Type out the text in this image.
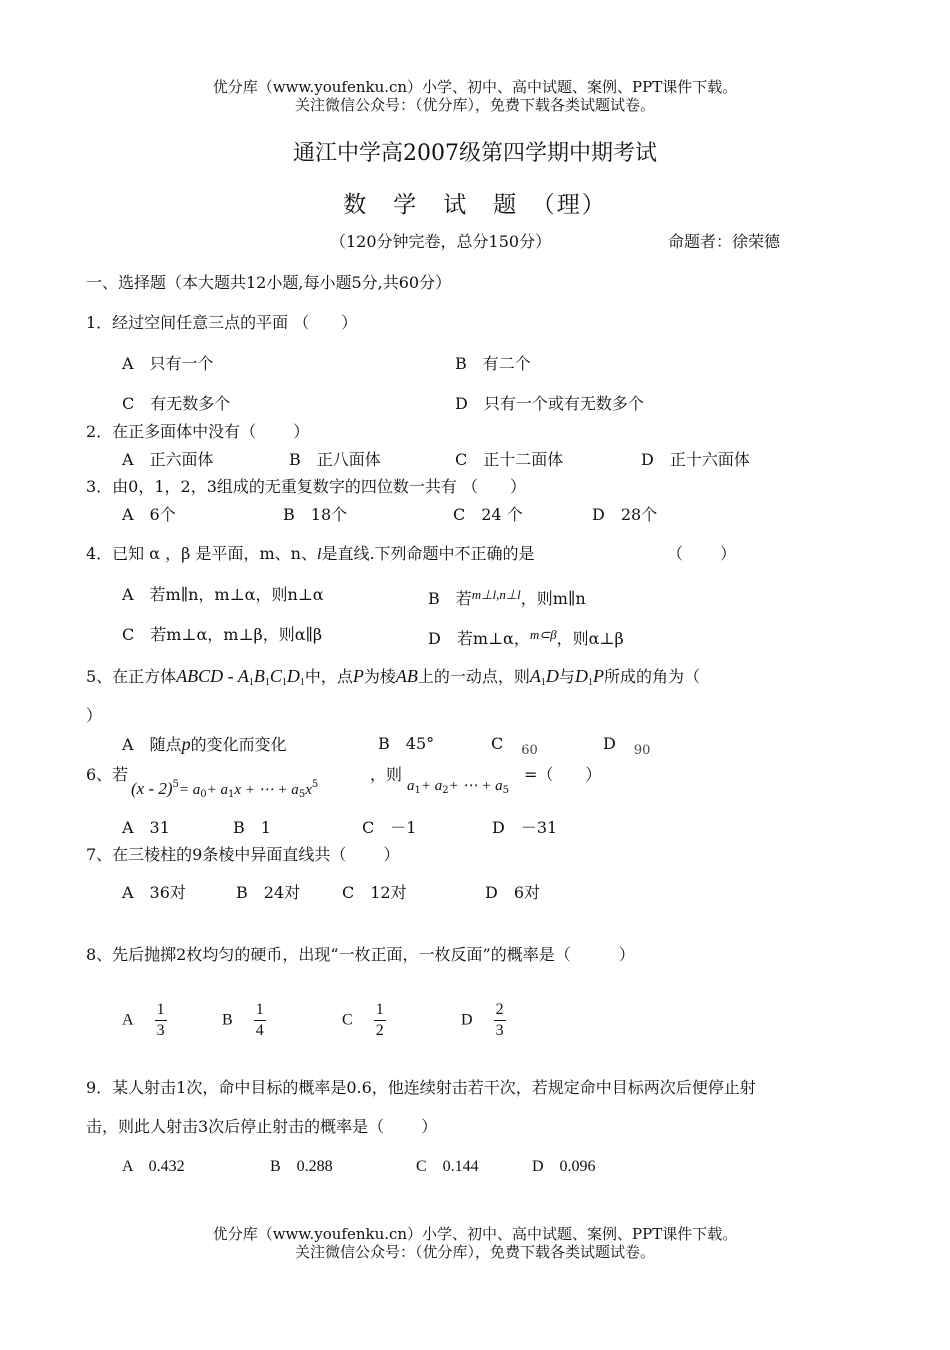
优分库（www.youfenku.cn）小学、初中、高中试题、案例、PPT课件下载。
关注微信公众号：（优分库），免费下载各类试题试卷。
通江中学高2007级第四学期中期考试
数　学　试　题　（理）
（120分钟完卷，总分150分）	命题者：徐荣德
一、选择题（本大题共12小题,每小题5分,共60分）
1．经过空间任意三点的平面 （　　）
A　只有一个	B　有二个
C　有无数多个	D　只有一个或有无数多个
2．在正多面体中没有（　　 ）
A　正六面体	B　正八面体	C　正十二面体	D　正十六面体
3．由0，1，2，3组成的无重复数字的四位数一共有 （　　）
A　6个	B　18个	C　24 个	D　28个
4．已知 α ，β 是平面，m、n、l是直线.下列命题中不正确的是	（　　 ）
A　若m∥n，m⊥α，则n⊥α	B　若$^{m\perp l,n\perp l}$，则m∥n
C　若m⊥α，m⊥β，则α∥β	D　若m⊥α，$^{m\subset\beta}$，则α⊥β
5、在正方体ABCD - $A_1B_1C_1D_1$中，点P为棱AB上的一动点，则$A_1D$与$D_1P$所成的角为（
）
A　随点p的变化而变化	B　45°	C $_{60}$	D $_{90}$
6、若
$(x - 2)^5= a_0+ a_1x$ + ⋯ + $a_5x^5$
，则
$a_1+ a_2+$ ⋯ + $a_5$
=（　　）
A　31	B　1	C　－1	D　－31
7、在三棱柱的9条棱中异面直线共（　　 ）
A　36对	B　24对	C　12对	D　6对
8、先后抛掷2枚均匀的硬币，出现“一枚正面，一枚反面”的概率是（　　　）
A $\frac{1}{3}$	B $\frac{1}{4}$	C $\frac{1}{2}$	D $\frac{2}{3}$
9．某人射击1次，命中目标的概率是0.6，他连续射击若干次，若规定命中目标两次后便停止射
击，则此人射击3次后停止射击的概率是（　　 ）
A　0.432	B　0.288	C　0.144	D　0.096
优分库（www.youfenku.cn）小学、初中、高中试题、案例、PPT课件下载。
关注微信公众号：（优分库），免费下载各类试题试卷。
